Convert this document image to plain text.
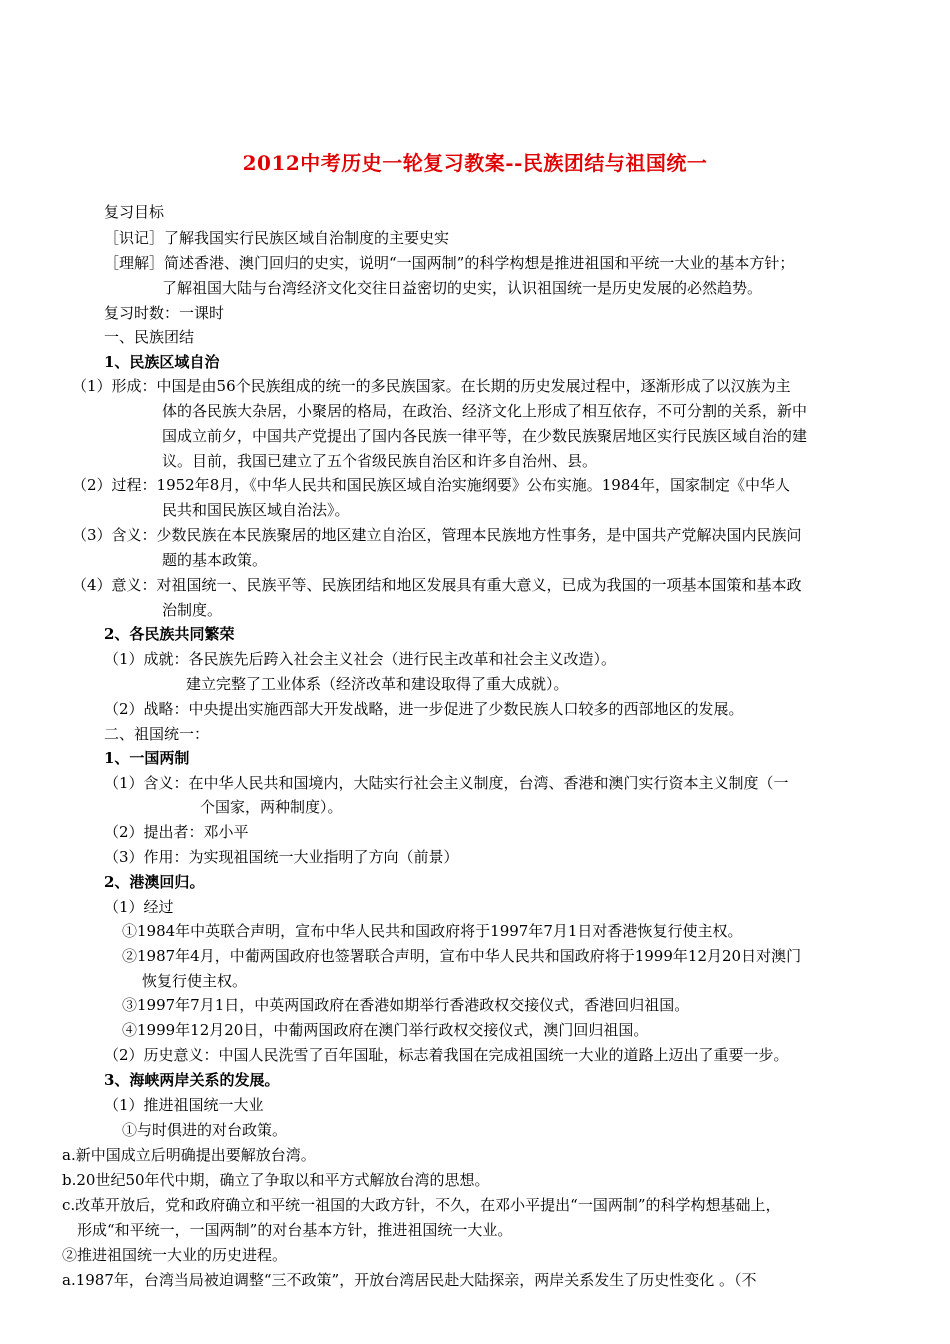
2012中考历史一轮复习教案--民族团结与祖国统一
复习目标
［识记］了解我国实行民族区域自治制度的主要史实
［理解］简述香港、澳门回归的史实，说明“一国两制”的科学构想是推进祖国和平统一大业的基本方针；
了解祖国大陆与台湾经济文化交往日益密切的史实，认识祖国统一是历史发展的必然趋势。
复习时数：一课时
一、民族团结
1、民族区域自治
（1）形成：中国是由56个民族组成的统一的多民族国家。在长期的历史发展过程中，逐渐形成了以汉族为主
体的各民族大杂居，小聚居的格局，在政治、经济文化上形成了相互依存，不可分割的关系，新中
国成立前夕，中国共产党提出了国内各民族一律平等，在少数民族聚居地区实行民族区域自治的建
议。目前，我国已建立了五个省级民族自治区和许多自治州、县。
（2）过程：1952年8月，《中华人民共和国民族区域自治实施纲要》公布实施。1984年，国家制定《中华人
民共和国民族区域自治法》。
（3）含义：少数民族在本民族聚居的地区建立自治区，管理本民族地方性事务，是中国共产党解决国内民族问
题的基本政策。
（4）意义：对祖国统一、民族平等、民族团结和地区发展具有重大意义，已成为我国的一项基本国策和基本政
治制度。
2、各民族共同繁荣
（1）成就：各民族先后跨入社会主义社会（进行民主改革和社会主义改造）。
建立完整了工业体系（经济改革和建设取得了重大成就）。
（2）战略：中央提出实施西部大开发战略，进一步促进了少数民族人口较多的西部地区的发展。
二、祖国统一：
1、一国两制
（1）含义：在中华人民共和国境内，大陆实行社会主义制度，台湾、香港和澳门实行资本主义制度（一
个国家，两种制度）。
（2）提出者：邓小平
（3）作用：为实现祖国统一大业指明了方向（前景）
2、港澳回归。
（1）经过
①1984年中英联合声明，宣布中华人民共和国政府将于1997年7月1日对香港恢复行使主权。
②1987年4月，中葡两国政府也签署联合声明，宣布中华人民共和国政府将于1999年12月20日对澳门
恢复行使主权。
③1997年7月1日，中英两国政府在香港如期举行香港政权交接仪式，香港回归祖国。
④1999年12月20日，中葡两国政府在澳门举行政权交接仪式，澳门回归祖国。
（2）历史意义：中国人民洗雪了百年国耻，标志着我国在完成祖国统一大业的道路上迈出了重要一步。
3、海峡两岸关系的发展。
（1）推进祖国统一大业
①与时俱进的对台政策。
a.新中国成立后明确提出要解放台湾。
b.20世纪50年代中期，确立了争取以和平方式解放台湾的思想。
c.改革开放后，党和政府确立和平统一祖国的大政方针，不久，在邓小平提出“一国两制”的科学构想基础上，
形成“和平统一，一国两制”的对台基本方针，推进祖国统一大业。
②推进祖国统一大业的历史进程。
a.1987年，台湾当局被迫调整“三不政策”，开放台湾居民赴大陆探亲，两岸关系发生了历史性变化 。（不
